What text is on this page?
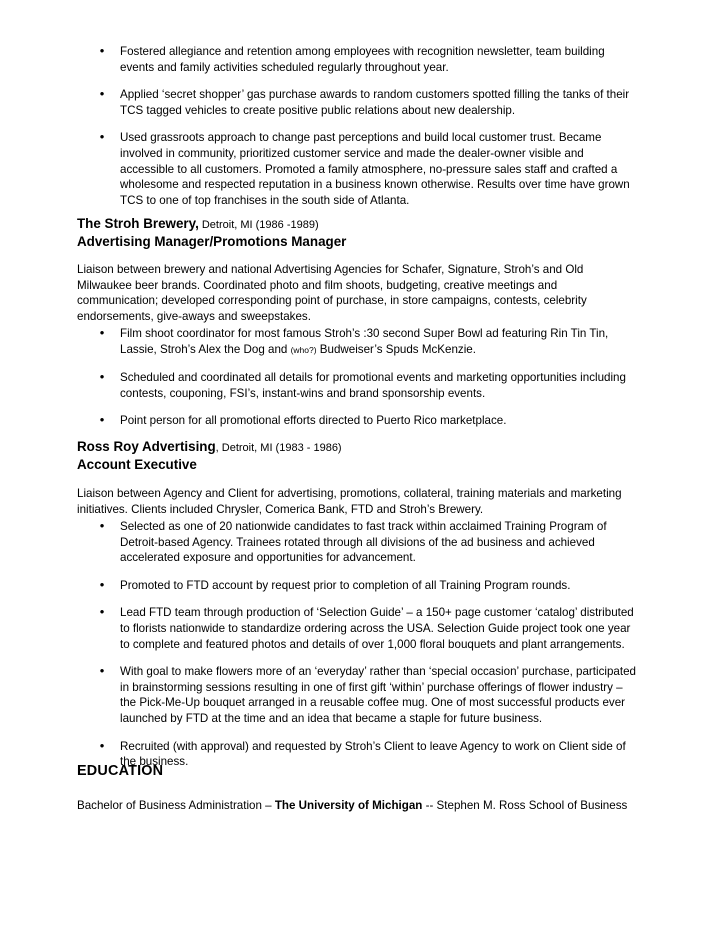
•	Fostered allegiance and retention among employees with recognition newsletter, team building
events and family activities scheduled regularly throughout year.
•	Applied ‘secret shopper’ gas purchase awards to random customers spotted filling the tanks of their
TCS tagged vehicles to create positive public relations about new dealership.
•	Used grassroots approach to change past perceptions and build local customer trust. Became
involved in community, prioritized customer service and made the dealer-owner visible and
accessible to all customers. Promoted a family atmosphere, no-pressure sales staff and crafted a
wholesome and respected reputation in a business known otherwise. Results over time have grown
TCS to one of top franchises in the south side of Atlanta.
The Stroh Brewery, Detroit, MI (1986 -1989)
Advertising Manager/Promotions Manager
Liaison between brewery and national Advertising Agencies for Schafer, Signature, Stroh’s and Old
Milwaukee beer brands. Coordinated photo and film shoots, budgeting, creative meetings and
communication; developed corresponding point of purchase, in store campaigns, contests, celebrity
endorsements, give-aways and sweepstakes.
•	Film shoot coordinator for most famous Stroh’s :30 second Super Bowl ad featuring Rin Tin Tin,
Lassie, Stroh’s Alex the Dog and (who?) Budweiser’s Spuds McKenzie.
•	Scheduled and coordinated all details for promotional events and marketing opportunities including
contests, couponing, FSI’s, instant-wins and brand sponsorship events.
•	Point person for all promotional efforts directed to Puerto Rico marketplace.
Ross Roy Advertising, Detroit, MI (1983 - 1986)
Account Executive
Liaison between Agency and Client for advertising, promotions, collateral, training materials and marketing
initiatives. Clients included Chrysler, Comerica Bank, FTD and Stroh’s Brewery.
•	Selected as one of 20 nationwide candidates to fast track within acclaimed Training Program of
Detroit-based Agency. Trainees rotated through all divisions of the ad business and achieved
accelerated exposure and opportunities for advancement.
•	Promoted to FTD account by request prior to completion of all Training Program rounds.
•	Lead FTD team through production of ‘Selection Guide’ – a 150+ page customer ‘catalog’ distributed
to florists nationwide to standardize ordering across the USA. Selection Guide project took one year
to complete and featured photos and details of over 1,000 floral bouquets and plant arrangements.
•	With goal to make flowers more of an ‘everyday’ rather than ‘special occasion’ purchase, participated
in brainstorming sessions resulting in one of first gift ‘within’ purchase offerings of flower industry –
the Pick-Me-Up bouquet arranged in a reusable coffee mug. One of most successful products ever
launched by FTD at the time and an idea that became a staple for future business.
•	Recruited (with approval) and requested by Stroh’s Client to leave Agency to work on Client side of
the business.
EDUCATION
Bachelor of Business Administration – The University of Michigan -- Stephen M. Ross School of Business
